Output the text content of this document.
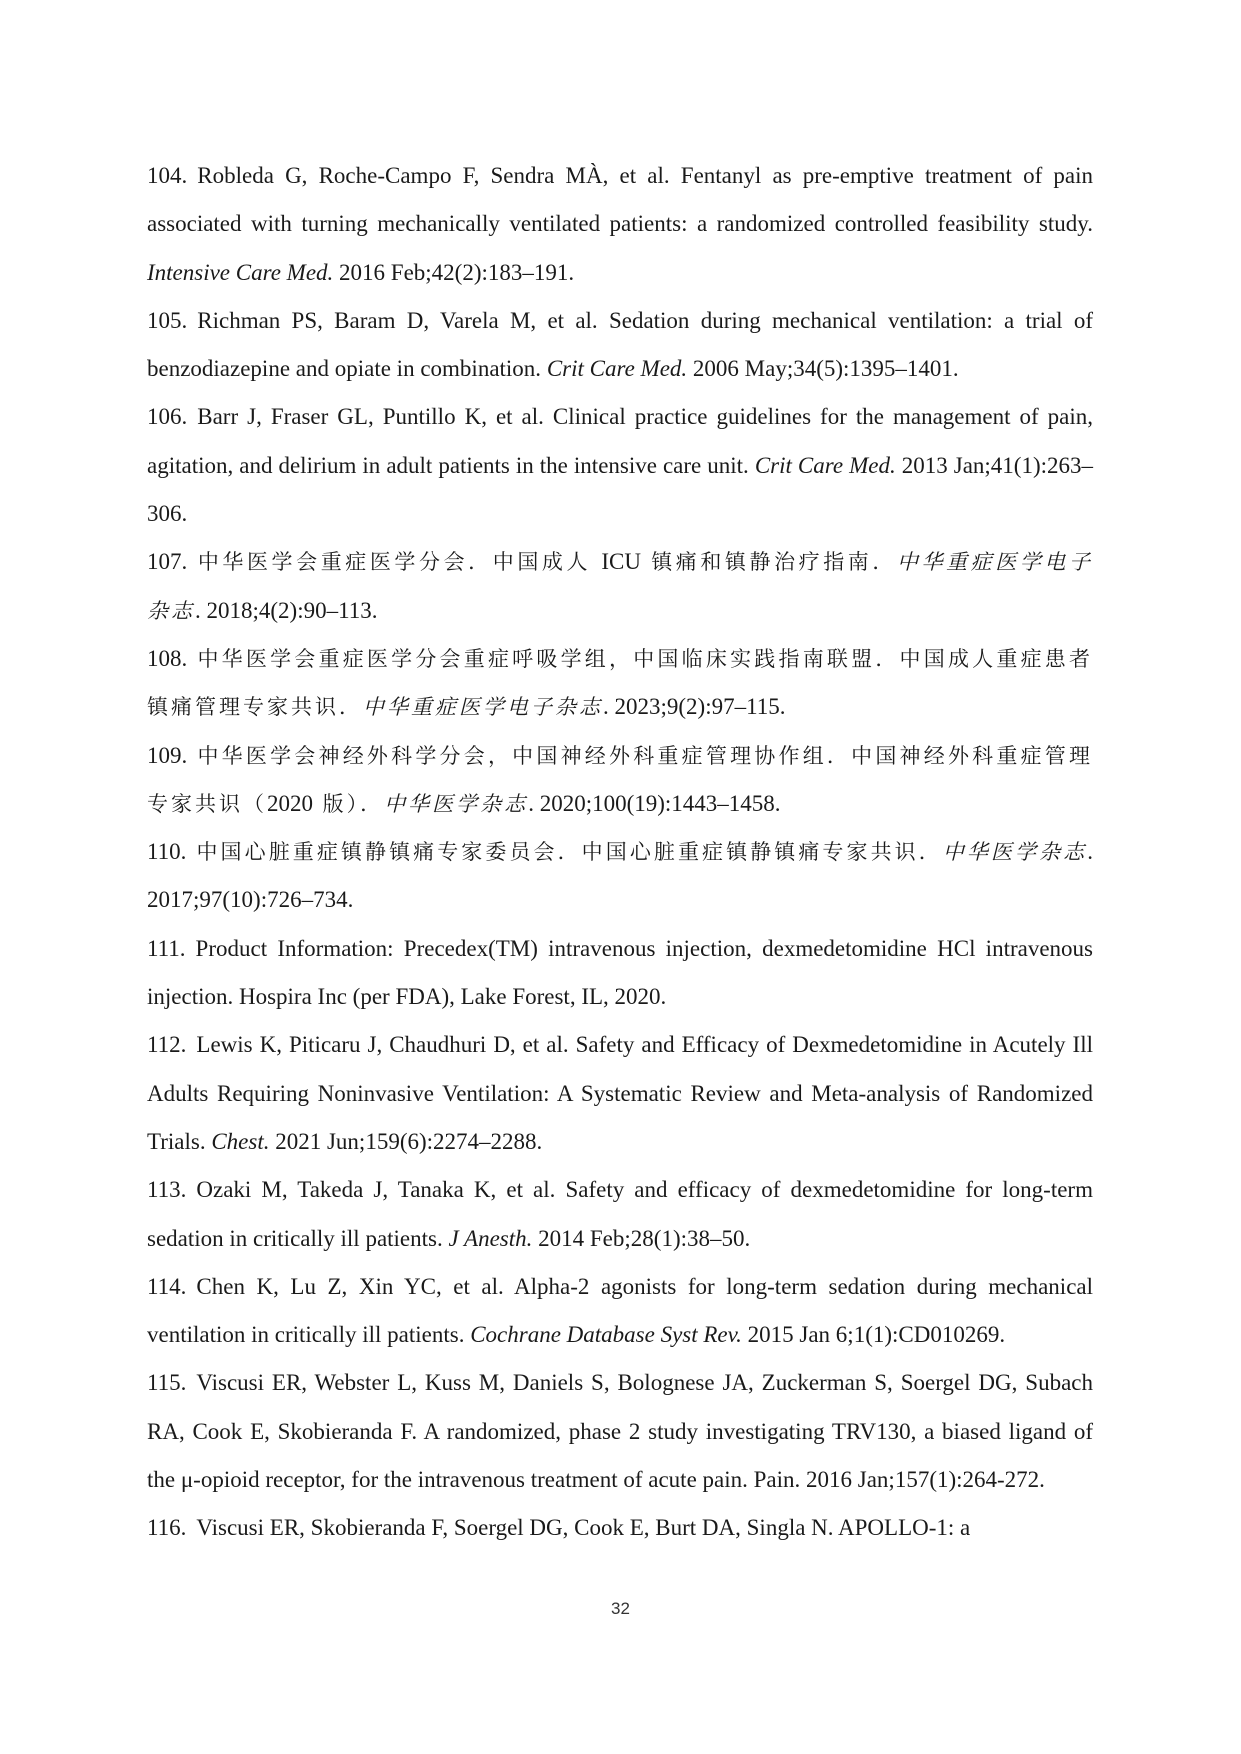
104. Robleda G, Roche-Campo F, Sendra MÀ, et al. Fentanyl as pre-emptive treatment of pain associated with turning mechanically ventilated patients: a randomized controlled feasibility study. Intensive Care Med. 2016 Feb;42(2):183–191.
105. Richman PS, Baram D, Varela M, et al. Sedation during mechanical ventilation: a trial of benzodiazepine and opiate in combination. Crit Care Med. 2006 May;34(5):1395–1401.
106. Barr J, Fraser GL, Puntillo K, et al. Clinical practice guidelines for the management of pain, agitation, and delirium in adult patients in the intensive care unit. Crit Care Med. 2013 Jan;41(1):263–306.
107. 中华医学会重症医学分会．中国成人 ICU 镇痛和镇静治疗指南．中华重症医学电子杂志. 2018;4(2):90–113.
108. 中华医学会重症医学分会重症呼吸学组，中国临床实践指南联盟．中国成人重症患者镇痛管理专家共识．中华重症医学电子杂志. 2023;9(2):97–115.
109. 中华医学会神经外科学分会，中国神经外科重症管理协作组．中国神经外科重症管理专家共识（2020 版）．中华医学杂志. 2020;100(19):1443–1458.
110. 中国心脏重症镇静镇痛专家委员会．中国心脏重症镇静镇痛专家共识．中华医学杂志. 2017;97(10):726–734.
111. Product Information: Precedex(TM) intravenous injection, dexmedetomidine HCl intravenous injection. Hospira Inc (per FDA), Lake Forest, IL, 2020.
112. Lewis K, Piticaru J, Chaudhuri D, et al. Safety and Efficacy of Dexmedetomidine in Acutely Ill Adults Requiring Noninvasive Ventilation: A Systematic Review and Meta-analysis of Randomized Trials. Chest. 2021 Jun;159(6):2274–2288.
113. Ozaki M, Takeda J, Tanaka K, et al. Safety and efficacy of dexmedetomidine for long-term sedation in critically ill patients. J Anesth. 2014 Feb;28(1):38–50.
114. Chen K, Lu Z, Xin YC, et al. Alpha-2 agonists for long-term sedation during mechanical ventilation in critically ill patients. Cochrane Database Syst Rev. 2015 Jan 6;1(1):CD010269.
115. Viscusi ER, Webster L, Kuss M, Daniels S, Bolognese JA, Zuckerman S, Soergel DG, Subach RA, Cook E, Skobieranda F. A randomized, phase 2 study investigating TRV130, a biased ligand of the μ-opioid receptor, for the intravenous treatment of acute pain. Pain. 2016 Jan;157(1):264-272.
116. Viscusi ER, Skobieranda F, Soergel DG, Cook E, Burt DA, Singla N. APOLLO-1: a
32
